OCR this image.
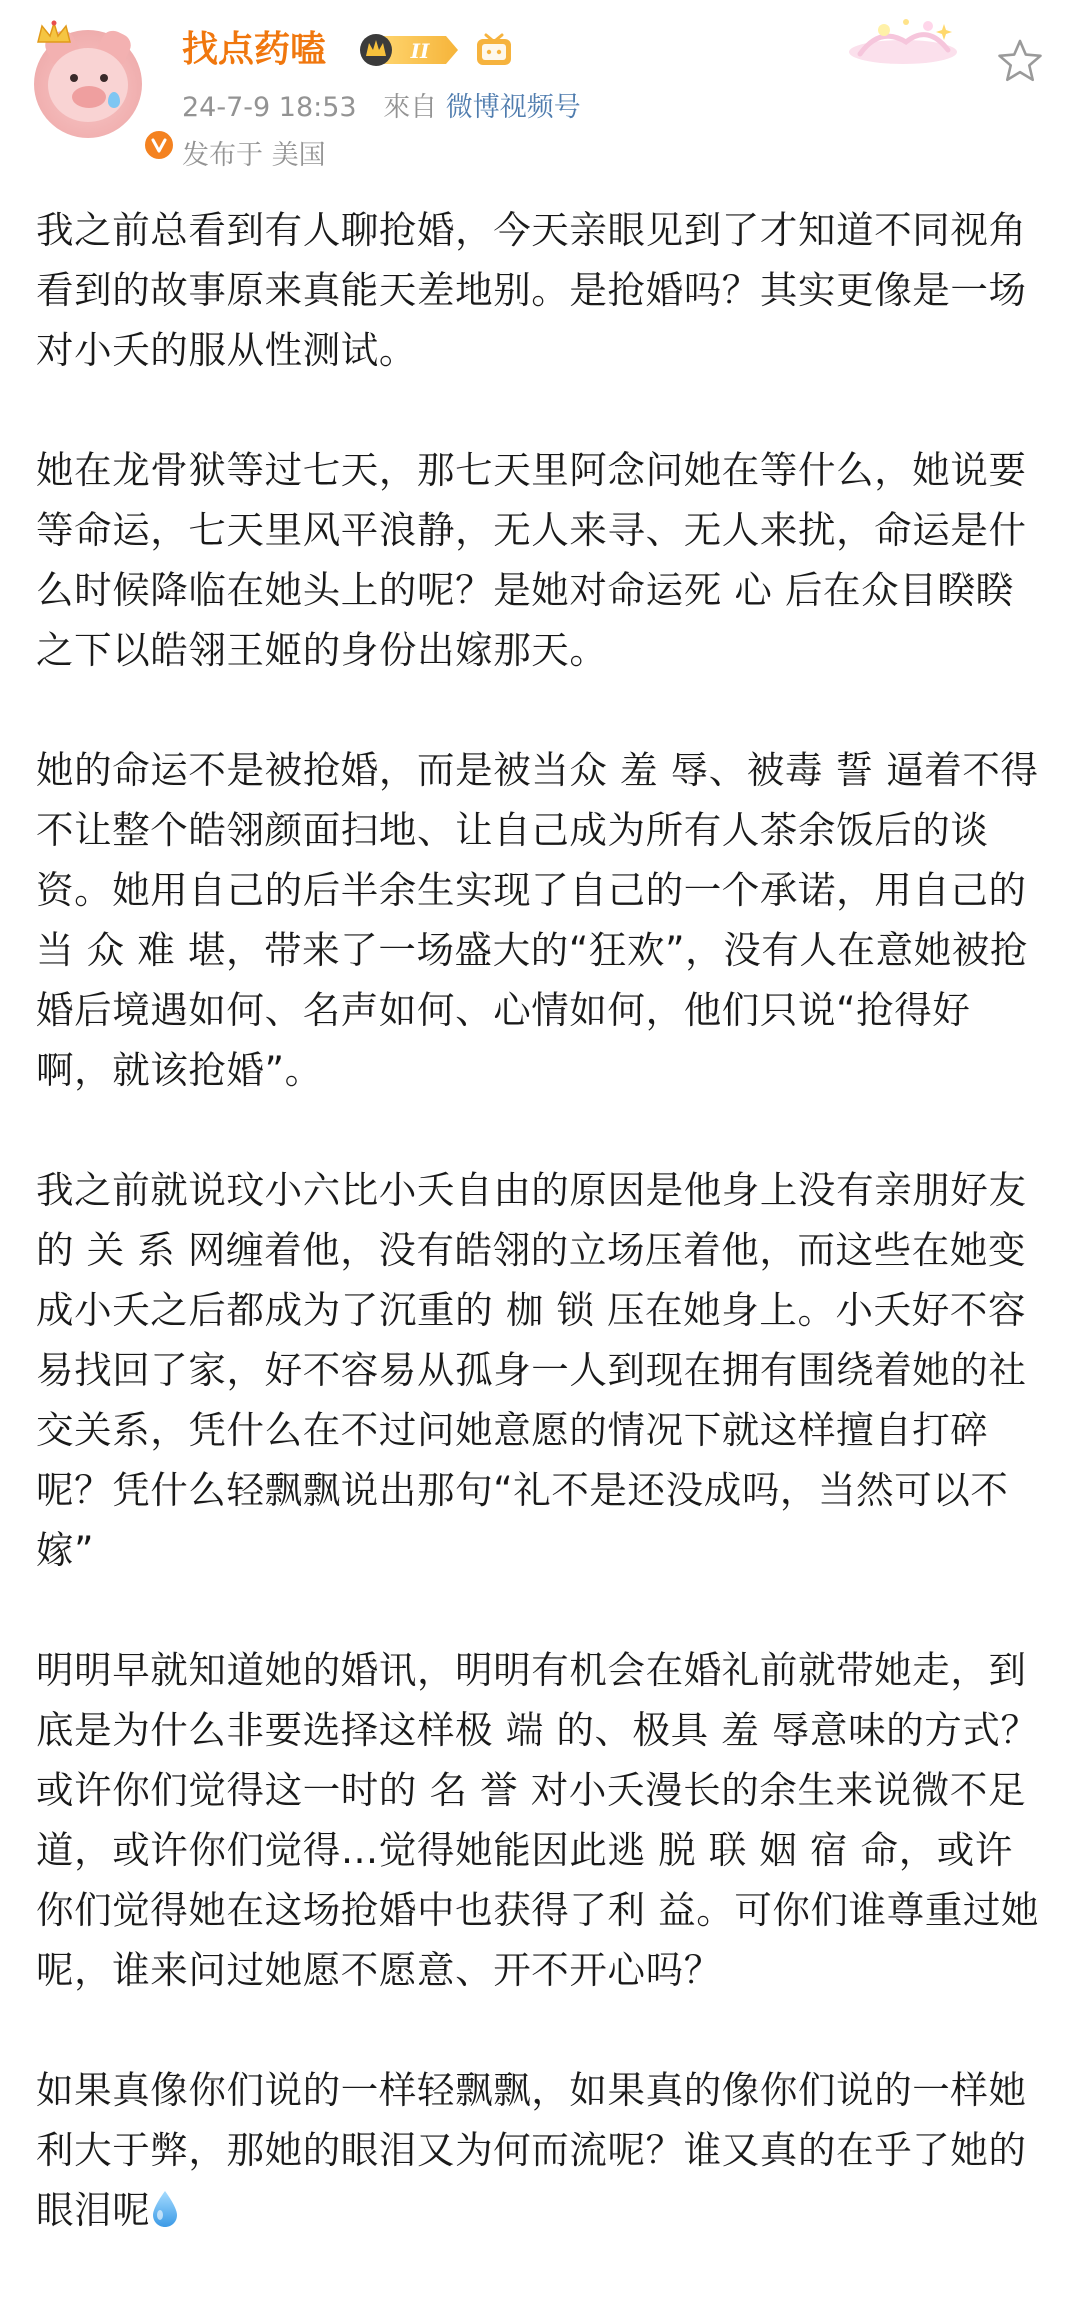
找点药嗑	II
24-7-9 18:53 來自 微博视频号
发布于 美国

我之前总看到有人聊抢婚，今天亲眼见到了才知道不同视角看到的故事原来真能天差地别。是抢婚吗？其实更像是一场对小夭的服从性测试。

她在龙骨狱等过七天，那七天里阿念问她在等什么，她说要等命运，七天里风平浪静，无人来寻、无人来扰，命运是什么时候降临在她头上的呢？是她对命运死 心 后在众目睽睽之下以皓翎王姬的身份出嫁那天。

她的命运不是被抢婚，而是被当众 羞 辱、被毒 誓 逼着不得不让整个皓翎颜面扫地、让自己成为所有人茶余饭后的谈资。她用自己的后半余生实现了自己的一个承诺，用自己的 当 众 难 堪，带来了一场盛大的“狂欢”，没有人在意她被抢婚后境遇如何、名声如何、心情如何，他们只说“抢得好啊，就该抢婚”。

我之前就说玟小六比小夭自由的原因是他身上没有亲朋好友的 关 系 网缠着他，没有皓翎的立场压着他，而这些在她变成小夭之后都成为了沉重的 枷 锁 压在她身上。小夭好不容易找回了家，好不容易从孤身一人到现在拥有围绕着她的社交关系，凭什么在不过问她意愿的情况下就这样擅自打碎呢？凭什么轻飘飘说出那句“礼不是还没成吗，当然可以不嫁”

明明早就知道她的婚讯，明明有机会在婚礼前就带她走，到底是为什么非要选择这样极 端 的、极具 羞 辱意味的方式？或许你们觉得这一时的 名 誉 对小夭漫长的余生来说微不足道，或许你们觉得…觉得她能因此逃 脱 联 姻 宿 命，或许你们觉得她在这场抢婚中也获得了利 益。可你们谁尊重过她呢，谁来问过她愿不愿意、开不开心吗？

如果真像你们说的一样轻飘飘，如果真的像你们说的一样她利大于弊，那她的眼泪又为何而流呢？谁又真的在乎了她的眼泪呢
